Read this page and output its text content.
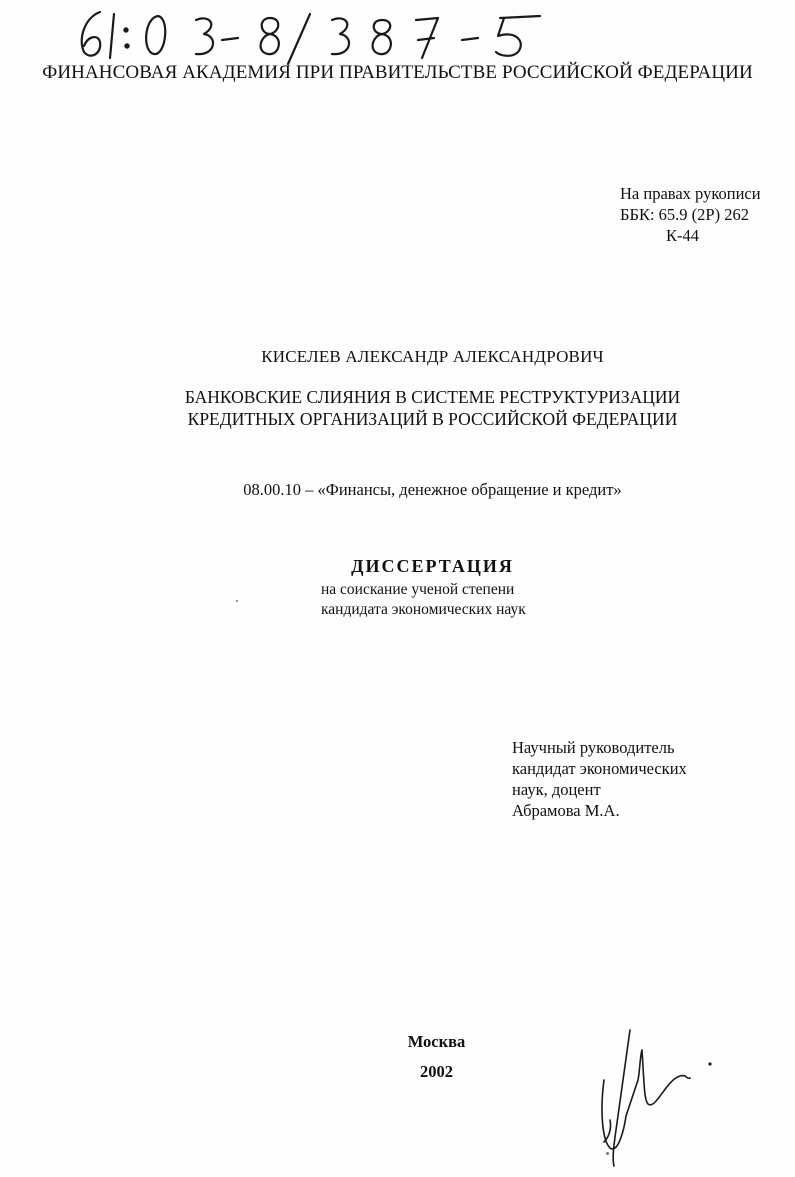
ФИНАНСОВАЯ АКАДЕМИЯ ПРИ ПРАВИТЕЛЬСТВЕ РОССИЙСКОЙ ФЕДЕРАЦИИ
На правах рукописи
ББК: 65.9 (2Р) 262
К-44
КИСЕЛЕВ АЛЕКСАНДР АЛЕКСАНДРОВИЧ
БАНКОВСКИЕ СЛИЯНИЯ В СИСТЕМЕ РЕСТРУКТУРИЗАЦИИ
КРЕДИТНЫХ ОРГАНИЗАЦИЙ В РОССИЙСКОЙ ФЕДЕРАЦИИ
08.00.10 – «Финансы, денежное обращение и кредит»
ДИССЕРТАЦИЯ
на соискание ученой степени
кандидата экономических наук
Научный руководитель
кандидат экономических
наук, доцент
Абрамова М.А.
Москва
2002
